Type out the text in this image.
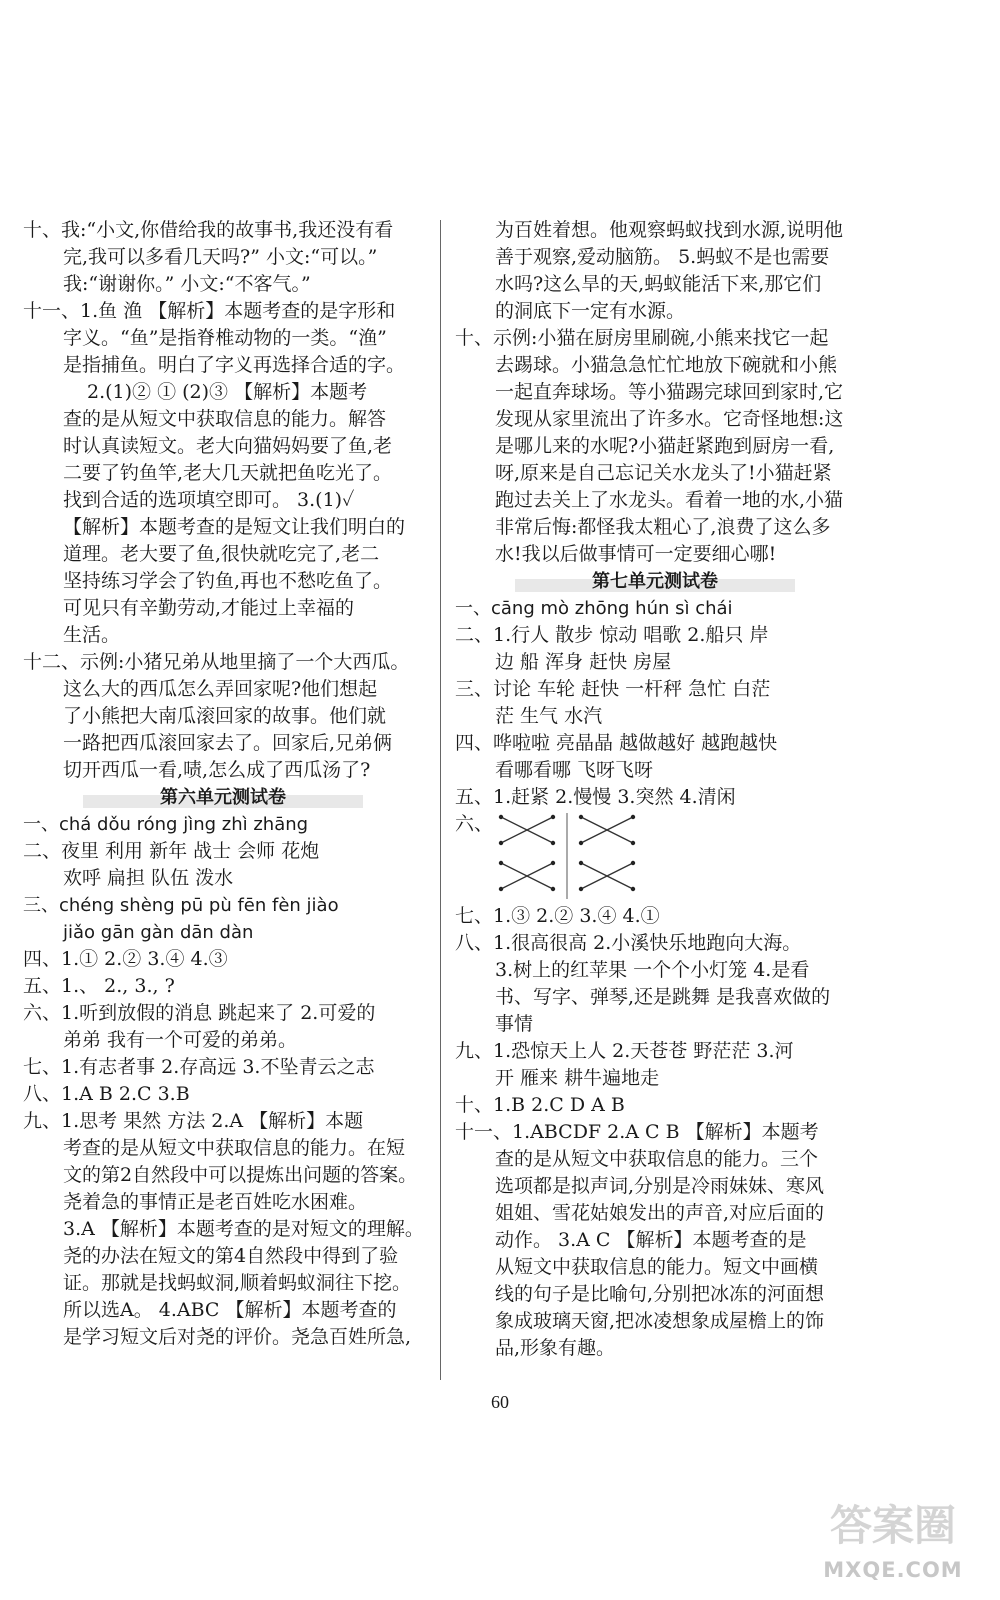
十、我:“小文,你借给我的故事书,我还没有看
完,我可以多看几天吗?” 小文:“可以。”
我:“谢谢你。” 小文:“不客气。”
十一、1.鱼 渔 【解析】本题考查的是字形和
字义。“鱼”是指脊椎动物的一类。“渔”
是指捕鱼。明白了字义再选择合适的字。
2.(1)② ① (2)③ 【解析】本题考
查的是从短文中获取信息的能力。解答
时认真读短文。老大向猫妈妈要了鱼,老
二要了钓鱼竿,老大几天就把鱼吃光了。
找到合适的选项填空即可。 3.(1)✓
【解析】本题考查的是短文让我们明白的
道理。老大要了鱼,很快就吃完了,老二
坚持练习学会了钓鱼,再也不愁吃鱼了。
可见只有辛勤劳动,才能过上幸福的
生活。
十二、示例:小猪兄弟从地里摘了一个大西瓜。
这么大的西瓜怎么弄回家呢?他们想起
了小熊把大南瓜滚回家的故事。他们就
一路把西瓜滚回家去了。回家后,兄弟俩
切开西瓜一看,啧,怎么成了西瓜汤了?
第六单元测试卷
一、chá dǒu róng jìng zhì zhāng
二、夜里 利用 新年 战士 会师 花炮
欢呼 扁担 队伍 泼水
三、chéng shèng pū pù fēn fèn jiào
jiǎo gān gàn dān dàn
四、1.① 2.② 3.④ 4.③
五、1.、 2., 3., ?
六、1.听到放假的消息 跳起来了 2.可爱的
弟弟 我有一个可爱的弟弟。
七、1.有志者事 2.存高远 3.不坠青云之志
八、1.A B 2.C 3.B
九、1.思考 果然 方法 2.A 【解析】本题
考查的是从短文中获取信息的能力。在短
文的第2自然段中可以提炼出问题的答案。
尧着急的事情正是老百姓吃水困难。
3.A 【解析】本题考查的是对短文的理解。
尧的办法在短文的第4自然段中得到了验
证。那就是找蚂蚁洞,顺着蚂蚁洞往下挖。
所以选A。 4.ABC 【解析】本题考查的
是学习短文后对尧的评价。尧急百姓所急,
为百姓着想。他观察蚂蚁找到水源,说明他
善于观察,爱动脑筋。 5.蚂蚁不是也需要
水吗?这么旱的天,蚂蚁能活下来,那它们
的洞底下一定有水源。
十、示例:小猫在厨房里刷碗,小熊来找它一起
去踢球。小猫急急忙忙地放下碗就和小熊
一起直奔球场。等小猫踢完球回到家时,它
发现从家里流出了许多水。它奇怪地想:这
是哪儿来的水呢?小猫赶紧跑到厨房一看,
呀,原来是自己忘记关水龙头了!小猫赶紧
跑过去关上了水龙头。看着一地的水,小猫
非常后悔:都怪我太粗心了,浪费了这么多
水!我以后做事情可一定要细心哪!
第七单元测试卷
一、cāng mò zhōng hún sì chái
二、1.行人 散步 惊动 唱歌 2.船只 岸
边 船 浑身 赶快 房屋
三、讨论 车轮 赶快 一杆秤 急忙 白茫
茫 生气 水汽
四、哗啦啦 亮晶晶 越做越好 越跑越快
看哪看哪 飞呀飞呀
五、1.赶紧 2.慢慢 3.突然 4.清闲
六、
七、1.③ 2.② 3.④ 4.①
八、1.很高很高 2.小溪快乐地跑向大海。
3.树上的红苹果 一个个小灯笼 4.是看
书、写字、弹琴,还是跳舞 是我喜欢做的
事情
九、1.恐惊天上人 2.天苍苍 野茫茫 3.河
开 雁来 耕牛遍地走
十、1.B 2.C D A B
十一、1.ABCDF 2.A C B 【解析】本题考
查的是从短文中获取信息的能力。三个
选项都是拟声词,分别是冷雨妹妹、寒风
姐姐、雪花姑娘发出的声音,对应后面的
动作。 3.A C 【解析】本题考查的是
从短文中获取信息的能力。短文中画横
线的句子是比喻句,分别把冰冻的河面想
象成玻璃天窗,把冰凌想象成屋檐上的饰
品,形象有趣。
60
答案圈
MXQE.COM
